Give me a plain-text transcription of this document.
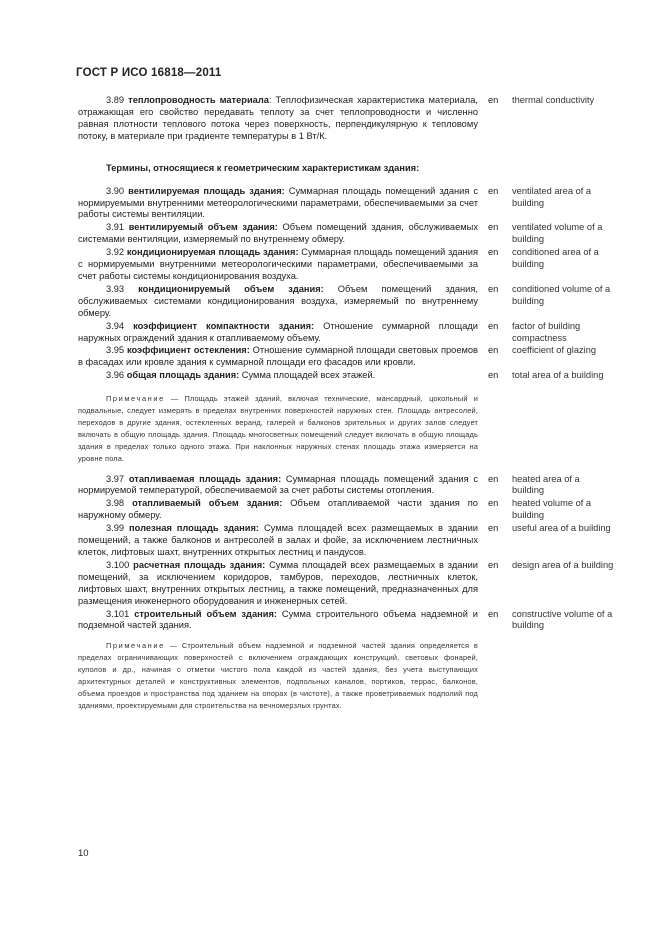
ГОСТ Р ИСО 16818—2011
3.89 теплопроводность материала: Теплофизическая характеристика материала, отражающая его свойство передавать теплоту за счет теплопроводности и численно равная плотности теплового потока через поверхность, перпендикулярную к тепловому потоку, в материале при градиенте температуры в 1 Вт/К.
en	thermal conductivity
Термины, относящиеся к геометрическим характеристикам здания:
3.90 вентилируемая площадь здания: Суммарная площадь помещений здания с нормируемыми внутренними метеорологическими параметрами, обеспечиваемыми за счет работы системы вентиляции.
en	ventilated area of a building
3.91 вентилируемый объем здания: Объем помещений здания, обслуживаемых системами вентиляции, измеряемый по внутреннему обмеру.
en	ventilated volume of a building
3.92 кондиционируемая площадь здания: Суммарная площадь помещений здания с нормируемыми внутренними метеорологическими параметрами, обеспечиваемыми за счет работы системы кондиционирования воздуха.
en	conditioned area of a building
3.93 кондиционируемый объем здания: Объем помещений здания, обслуживаемых системами кондиционирования воздуха, измеряемый по внутреннему обмеру.
en	conditioned volume of a building
3.94 коэффициент компактности здания: Отношение суммарной площади наружных ограждений здания к отапливаемому объему.
en	factor of building compactness
3.95 коэффициент остекления: Отношение суммарной площади световых проемов в фасадах или кровле здания к суммарной площади его фасадов или кровли.
en	coefficient of glazing
3.96 общая площадь здания: Сумма площадей всех этажей.	en	total area of a building
Примечание — Площадь этажей зданий, включая технические, мансардный, цокольный и подвальные, следует измерять в пределах внутренних поверхностей наружных стен. Площадь антресолей, переходов в другие здания, остекленных веранд, галерей и балконов зрительных и других залов следует включать в общую площадь здания. Площадь многосветных помещений следует включать в общую площадь здания в пределах только одного этажа. При наклонных наружных стенах площадь этажа измеряется на уровне пола.
3.97 отапливаемая площадь здания: Суммарная площадь помещений здания с нормируемой температурой, обеспечиваемой за счет работы системы отопления.
en	heated area of a building
3.98 отапливаемый объем здания: Объем отапливаемой части здания по наружному обмеру.
en	heated volume of a building
3.99 полезная площадь здания: Сумма площадей всех размещаемых в здании помещений, а также балконов и антресолей в залах и фойе, за исключением лестничных клеток, лифтовых шахт, внутренних открытых лестниц и пандусов.
en	useful area of a building
3.100 расчетная площадь здания: Сумма площадей всех размещаемых в здании помещений, за исключением коридоров, тамбуров, переходов, лестничных клеток, лифтовых шахт, внутренних открытых лестниц, а также помещений, предназначенных для размещения инженерного оборудования и инженерных сетей.
en	design area of a building
3.101 строительный объем здания: Сумма строительного объема надземной и подземной частей здания.
en	constructive volume of a building
Примечание — Строительный объем надземной и подземной частей здания определяется в пределах ограничивающих поверхностей с включением ограждающих конструкций, световых фонарей, куполов и др., начиная с отметки чистого пола каждой из частей здания, без учета выступающих архитектурных деталей и конструктивных элементов, подпольных каналов, портиков, террас, балконов, объема проездов и пространства под зданием на опорах (в чистоте), а также проветриваемых подполий под зданиями, проектируемыми для строительства на вечномерзлых грунтах.
10
